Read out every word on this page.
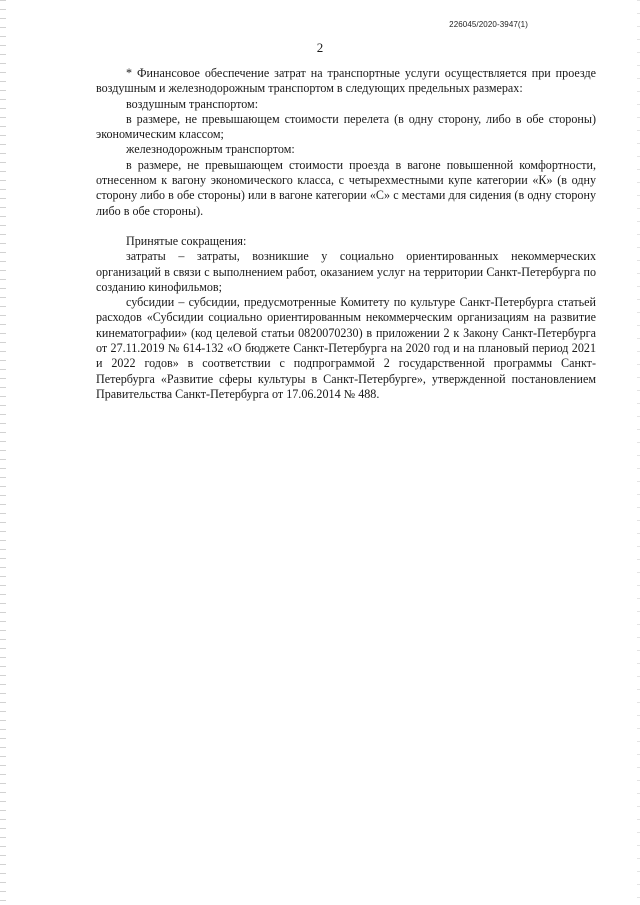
226045/2020-3947(1)
2

* Финансовое обеспечение затрат на транспортные услуги осуществляется при проезде воздушным и железнодорожным транспортом в следующих предельных размерах:

воздушным транспортом:

в размере, не превышающем стоимости перелета (в одну сторону, либо в обе стороны) экономическим классом;

железнодорожным транспортом:

в размере, не превышающем стоимости проезда в вагоне повышенной комфортности, отнесенном к вагону экономического класса, с четырехместными купе категории «К» (в одну сторону либо в обе стороны) или в вагоне категории «С» с местами для сидения (в одну сторону либо в обе стороны).

Принятые сокращения:

затраты – затраты, возникшие у социально ориентированных некоммерческих организаций в связи с выполнением работ, оказанием услуг на территории Санкт-Петербурга по созданию кинофильмов;

субсидии – субсидии, предусмотренные Комитету по культуре Санкт-Петербурга статьей расходов «Субсидии социально ориентированным некоммерческим организациям на развитие кинематографии» (код целевой статьи 0820070230) в приложении 2 к Закону Санкт-Петербурга от 27.11.2019 № 614-132 «О бюджете Санкт-Петербурга на 2020 год и на плановый период 2021 и 2022 годов» в соответствии с подпрограммой 2 государственной программы Санкт-Петербурга «Развитие сферы культуры в Санкт-Петербурге», утвержденной постановлением Правительства Санкт-Петербурга от 17.06.2014 № 488.
